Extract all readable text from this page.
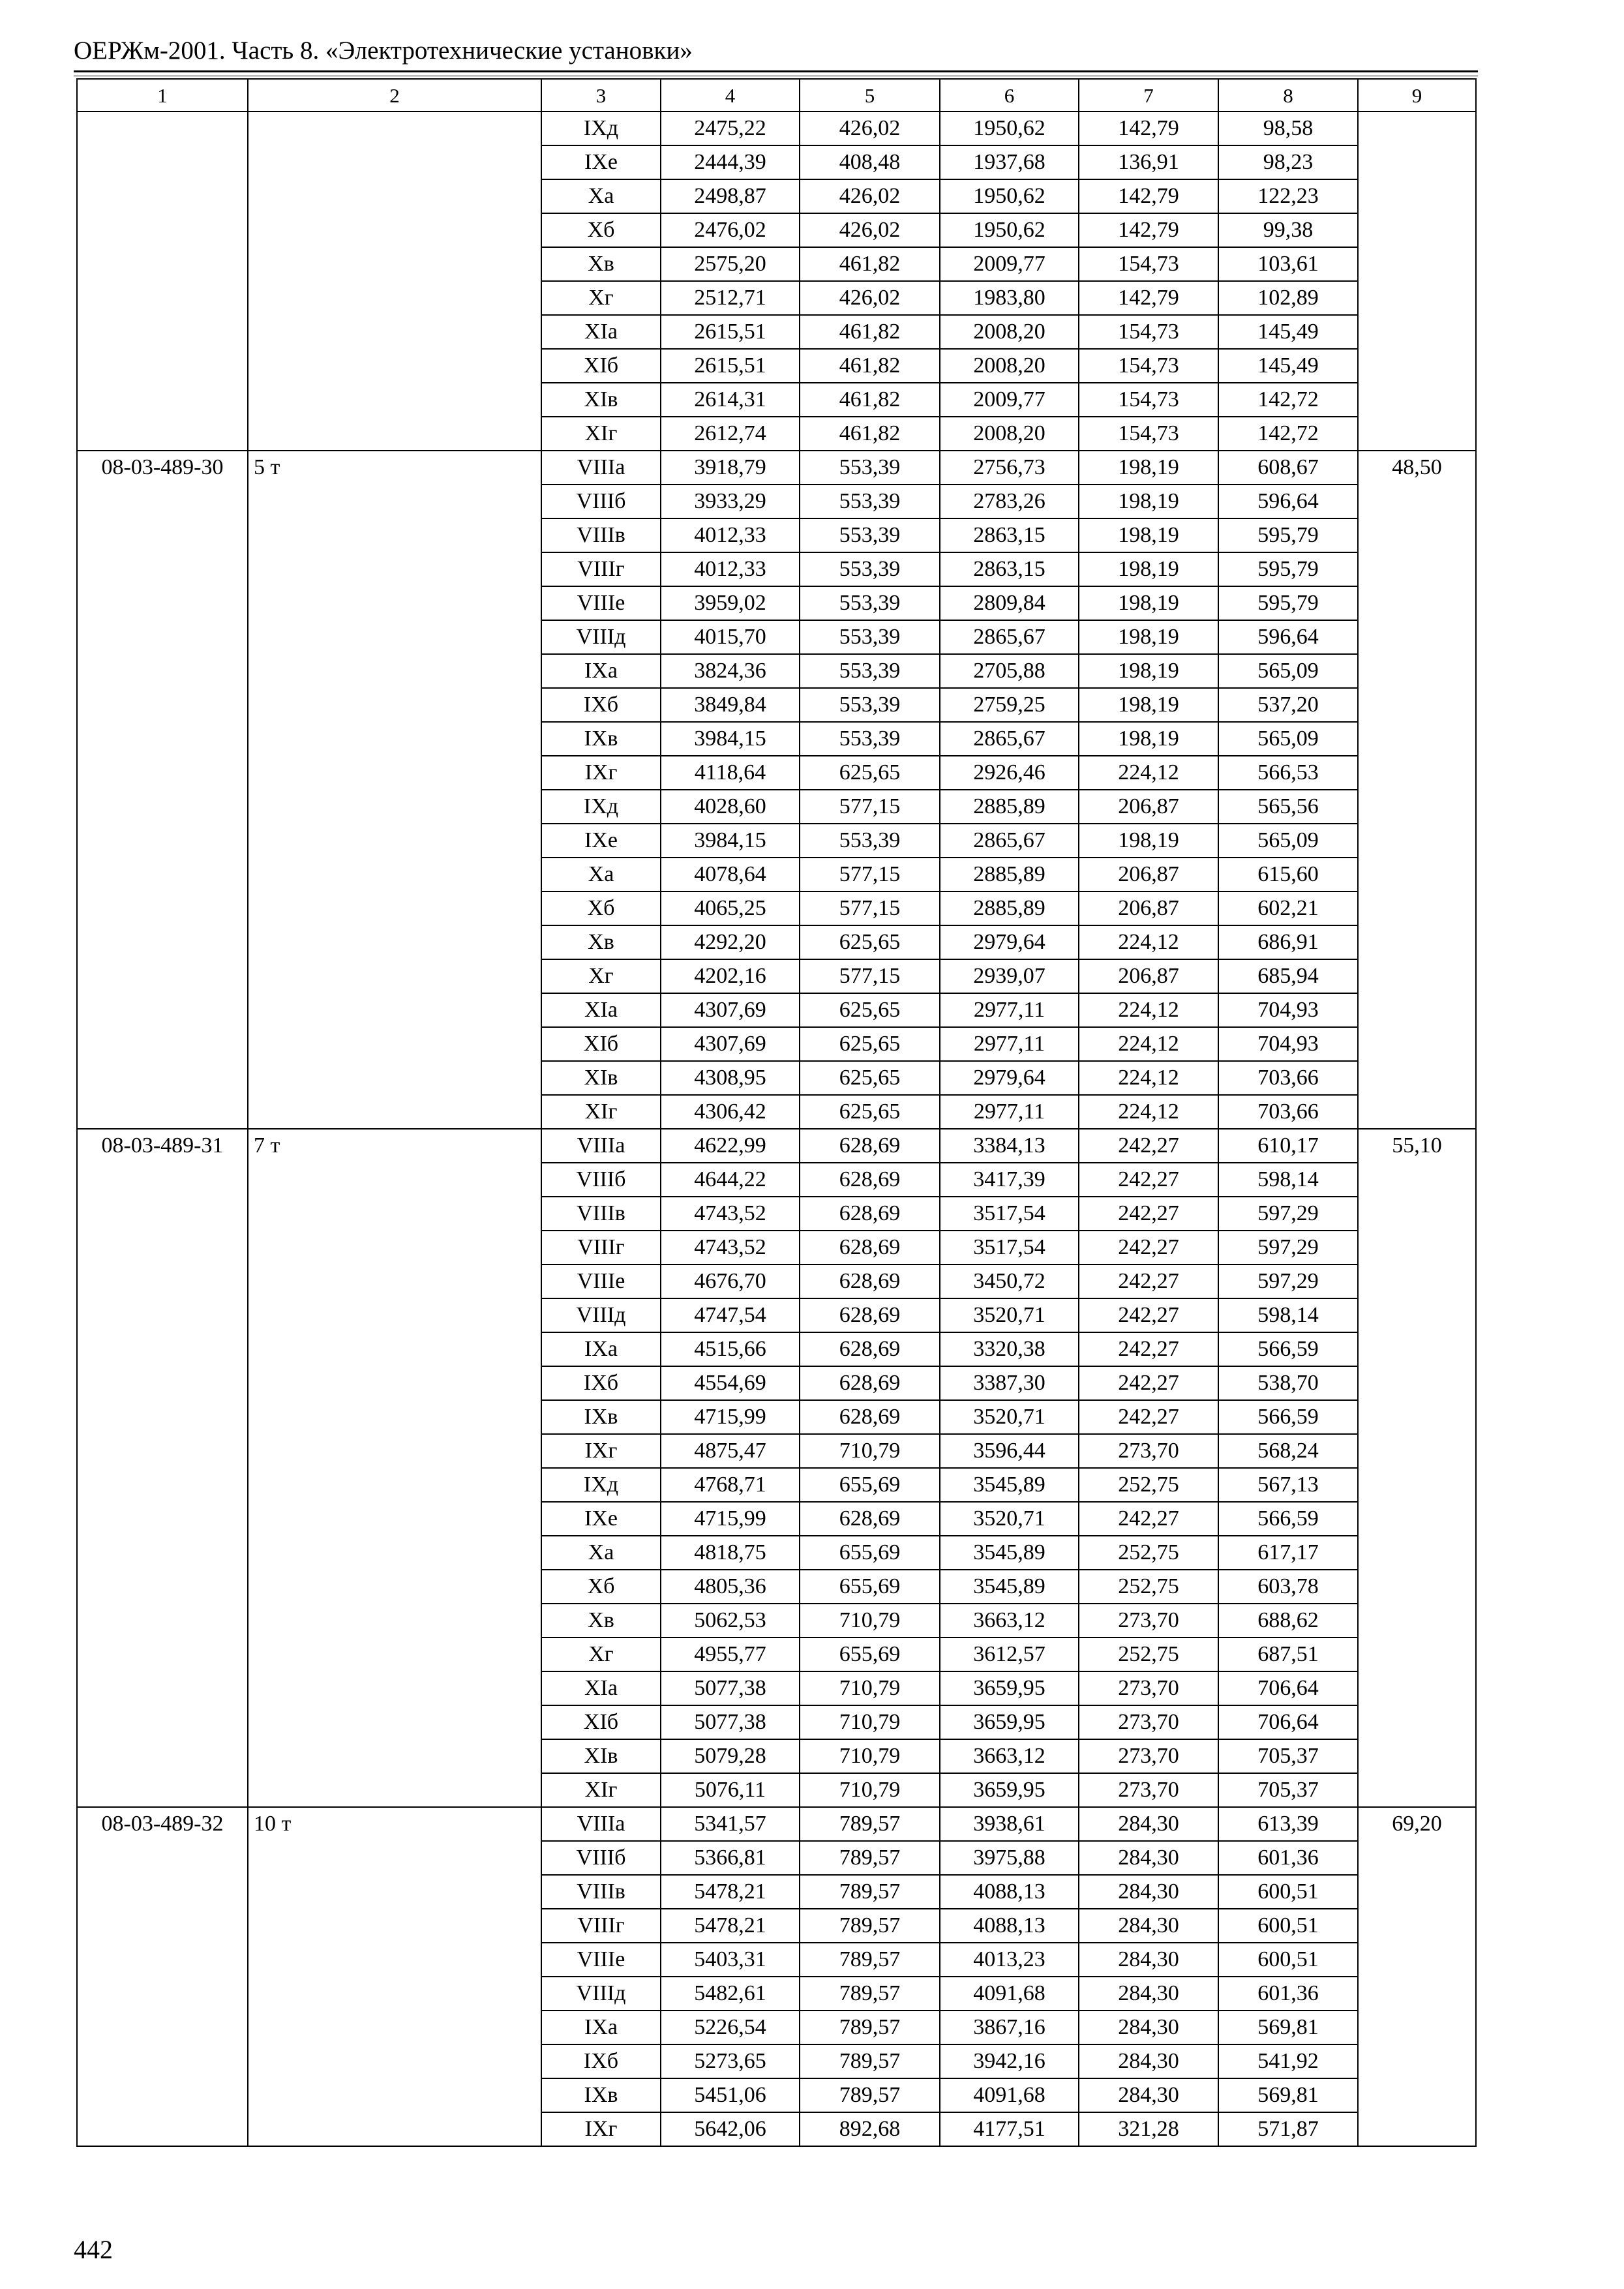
ОЕРЖм-2001. Часть 8. «Электротехнические установки»
1	2	3	4	5	6	7	8	9
		IXд	2475,22	426,02	1950,62	142,79	98,58	
		IXе	2444,39	408,48	1937,68	136,91	98,23	
		Xа	2498,87	426,02	1950,62	142,79	122,23	
		Xб	2476,02	426,02	1950,62	142,79	99,38	
		Xв	2575,20	461,82	2009,77	154,73	103,61	
		Xг	2512,71	426,02	1983,80	142,79	102,89	
		XIа	2615,51	461,82	2008,20	154,73	145,49	
		XIб	2615,51	461,82	2008,20	154,73	145,49	
		XIв	2614,31	461,82	2009,77	154,73	142,72	
		XIг	2612,74	461,82	2008,20	154,73	142,72	
08-03-489-30	5 т	VIIIа	3918,79	553,39	2756,73	198,19	608,67	48,50
		VIIIб	3933,29	553,39	2783,26	198,19	596,64	
		VIIIв	4012,33	553,39	2863,15	198,19	595,79	
		VIIIг	4012,33	553,39	2863,15	198,19	595,79	
		VIIIе	3959,02	553,39	2809,84	198,19	595,79	
		VIIIд	4015,70	553,39	2865,67	198,19	596,64	
		IXа	3824,36	553,39	2705,88	198,19	565,09	
		IXб	3849,84	553,39	2759,25	198,19	537,20	
		IXв	3984,15	553,39	2865,67	198,19	565,09	
		IXг	4118,64	625,65	2926,46	224,12	566,53	
		IXд	4028,60	577,15	2885,89	206,87	565,56	
		IXе	3984,15	553,39	2865,67	198,19	565,09	
		Xа	4078,64	577,15	2885,89	206,87	615,60	
		Xб	4065,25	577,15	2885,89	206,87	602,21	
		Xв	4292,20	625,65	2979,64	224,12	686,91	
		Xг	4202,16	577,15	2939,07	206,87	685,94	
		XIа	4307,69	625,65	2977,11	224,12	704,93	
		XIб	4307,69	625,65	2977,11	224,12	704,93	
		XIв	4308,95	625,65	2979,64	224,12	703,66	
		XIг	4306,42	625,65	2977,11	224,12	703,66	
08-03-489-31	7 т	VIIIа	4622,99	628,69	3384,13	242,27	610,17	55,10
		VIIIб	4644,22	628,69	3417,39	242,27	598,14	
		VIIIв	4743,52	628,69	3517,54	242,27	597,29	
		VIIIг	4743,52	628,69	3517,54	242,27	597,29	
		VIIIе	4676,70	628,69	3450,72	242,27	597,29	
		VIIIд	4747,54	628,69	3520,71	242,27	598,14	
		IXа	4515,66	628,69	3320,38	242,27	566,59	
		IXб	4554,69	628,69	3387,30	242,27	538,70	
		IXв	4715,99	628,69	3520,71	242,27	566,59	
		IXг	4875,47	710,79	3596,44	273,70	568,24	
		IXд	4768,71	655,69	3545,89	252,75	567,13	
		IXе	4715,99	628,69	3520,71	242,27	566,59	
		Xа	4818,75	655,69	3545,89	252,75	617,17	
		Xб	4805,36	655,69	3545,89	252,75	603,78	
		Xв	5062,53	710,79	3663,12	273,70	688,62	
		Xг	4955,77	655,69	3612,57	252,75	687,51	
		XIа	5077,38	710,79	3659,95	273,70	706,64	
		XIб	5077,38	710,79	3659,95	273,70	706,64	
		XIв	5079,28	710,79	3663,12	273,70	705,37	
		XIг	5076,11	710,79	3659,95	273,70	705,37	
08-03-489-32	10 т	VIIIа	5341,57	789,57	3938,61	284,30	613,39	69,20
		VIIIб	5366,81	789,57	3975,88	284,30	601,36	
		VIIIв	5478,21	789,57	4088,13	284,30	600,51	
		VIIIг	5478,21	789,57	4088,13	284,30	600,51	
		VIIIе	5403,31	789,57	4013,23	284,30	600,51	
		VIIIд	5482,61	789,57	4091,68	284,30	601,36	
		IXа	5226,54	789,57	3867,16	284,30	569,81	
		IXб	5273,65	789,57	3942,16	284,30	541,92	
		IXв	5451,06	789,57	4091,68	284,30	569,81	
		IXг	5642,06	892,68	4177,51	321,28	571,87	
442
